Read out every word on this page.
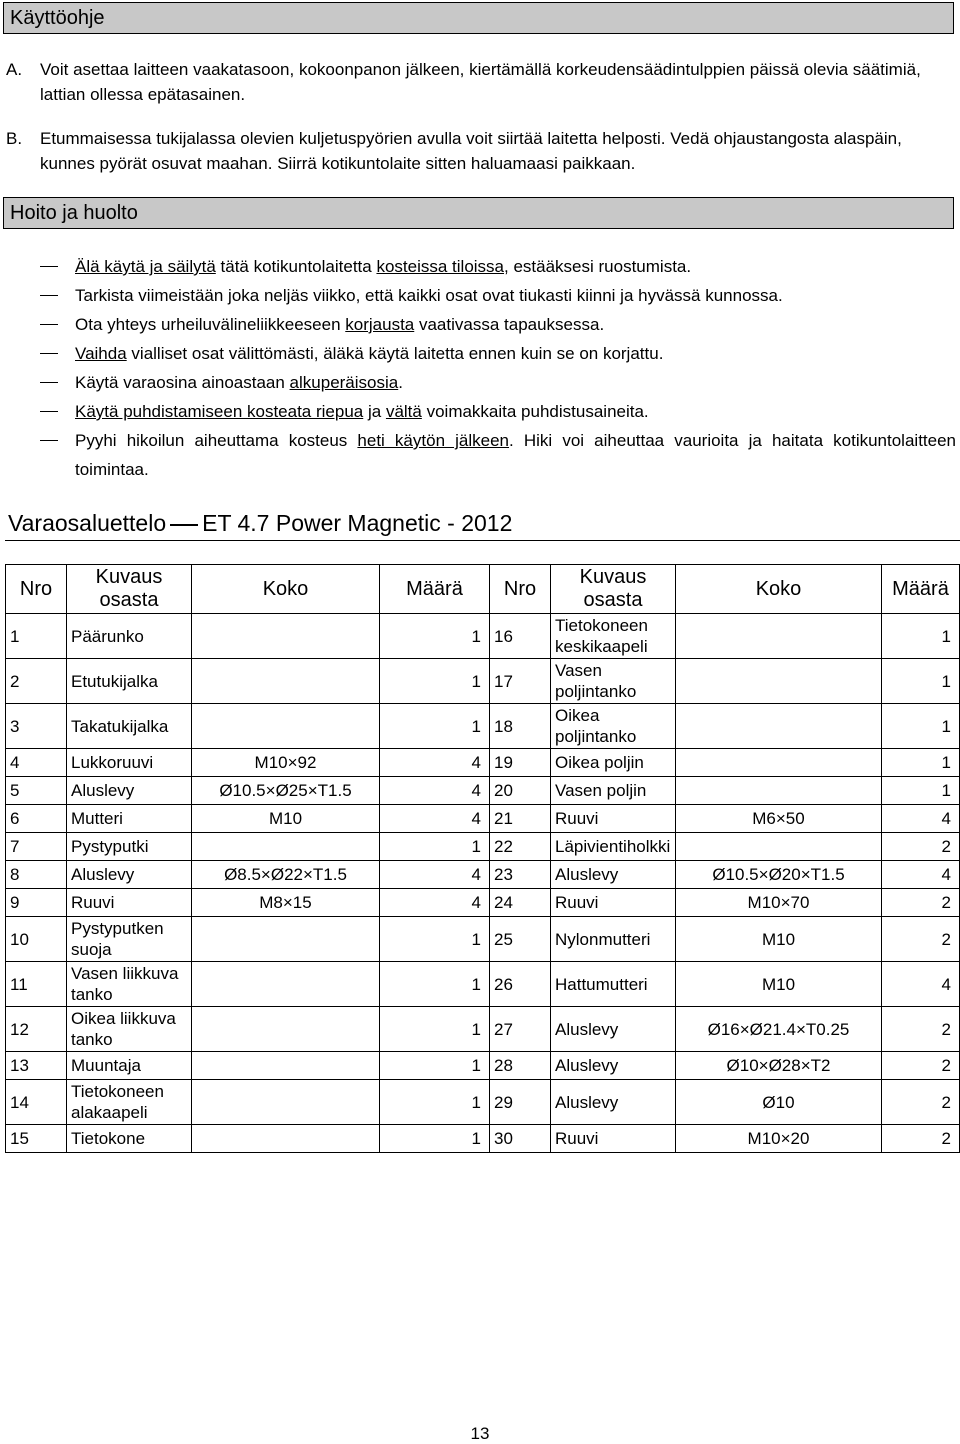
Käyttöohje
A. Voit asettaa laitteen vaakatasoon, kokoonpanon jälkeen, kiertämällä korkeudensäädintulppien päissä olevia säätimiä, lattian ollessa epätasainen.
B. Etummaisessa tukijalassa olevien kuljetuspyörien avulla voit siirtää laitetta helposti. Vedä ohjaustangosta alaspäin, kunnes pyörät osuvat maahan. Siirrä kotikuntolaite sitten haluamaasi paikkaan.
Hoito ja huolto
Älä käytä ja säilytä tätä kotikuntolaitetta kosteissa tiloissa, estääksesi ruostumista.
Tarkista viimeistään joka neljäs viikko, että kaikki osat ovat tiukasti kiinni ja hyvässä kunnossa.
Ota yhteys urheiluvälineliikkeeseen korjausta vaativassa tapauksessa.
Vaihda vialliset osat välittömästi, äläkä käytä laitetta ennen kuin se on korjattu.
Käytä varaosina ainoastaan alkuperäisosia.
Käytä puhdistamiseen kosteata riepua ja vältä voimakkaita puhdistusaineita.
Pyyhi hikoilun aiheuttama kosteus heti käytön jälkeen. Hiki voi aiheuttaa vaurioita ja haitata kotikuntolaitteen toimintaa.
Varaosaluettelo ET 4.7 Power Magnetic - 2012
Nro	Kuvaus osasta	Koko	Määrä	Nro	Kuvaus osasta	Koko	Määrä
1	Päärunko		1	16	Tietokoneen keskikaapeli		1
2	Etutukijalka		1	17	Vasen poljintanko		1
3	Takatukijalka		1	18	Oikea poljintanko		1
4	Lukkoruuvi	M10×92	4	19	Oikea poljin		1
5	Aluslevy	Ø10.5×Ø25×T1.5	4	20	Vasen poljin		1
6	Mutteri	M10	4	21	Ruuvi	M6×50	4
7	Pystyputki		1	22	Läpivientiholkki		2
8	Aluslevy	Ø8.5×Ø22×T1.5	4	23	Aluslevy	Ø10.5×Ø20×T1.5	4
9	Ruuvi	M8×15	4	24	Ruuvi	M10×70	2
10	Pystyputken suoja		1	25	Nylonmutteri	M10	2
11	Vasen liikkuva tanko		1	26	Hattumutteri	M10	4
12	Oikea liikkuva tanko		1	27	Aluslevy	Ø16×Ø21.4×T0.25	2
13	Muuntaja		1	28	Aluslevy	Ø10×Ø28×T2	2
14	Tietokoneen alakaapeli		1	29	Aluslevy	Ø10	2
15	Tietokone		1	30	Ruuvi	M10×20	2
13
